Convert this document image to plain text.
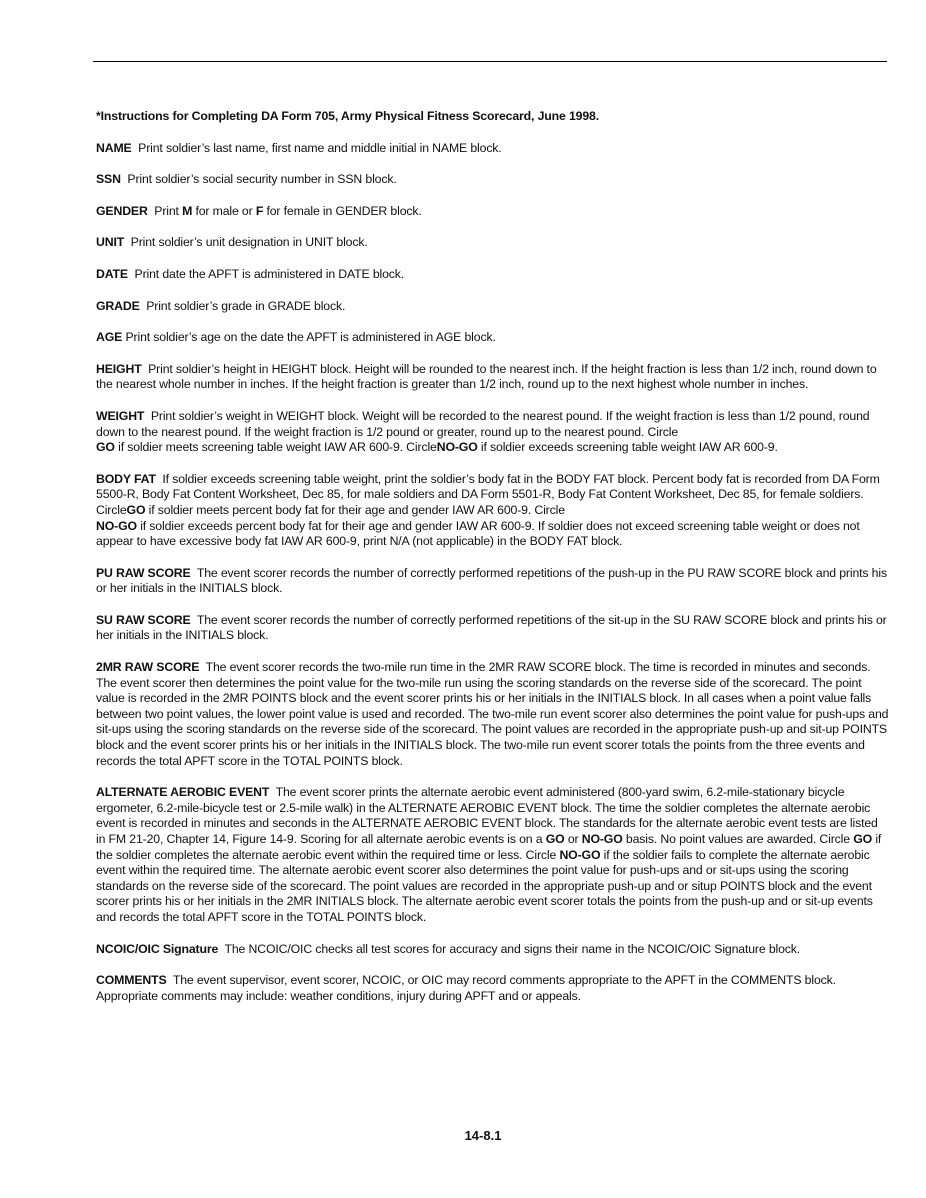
*Instructions for Completing DA Form 705, Army Physical Fitness Scorecard, June 1998.

NAME Print soldier’s last name, first name and middle initial in NAME block.

SSN Print soldier’s social security number in SSN block.

GENDER Print M for male or F for female in GENDER block.

UNIT Print soldier’s unit designation in UNIT block.

DATE Print date the APFT is administered in DATE block.

GRADE Print soldier’s grade in GRADE block.

AGE Print soldier’s age on the date the APFT is administered in AGE block.

HEIGHT Print soldier’s height in HEIGHT block. Height will be rounded to the nearest inch. If the height fraction is less than 1/2 inch, round down to the nearest whole number in inches. If the height fraction is greater than 1/2 inch, round up to the next highest whole number in inches.

WEIGHT Print soldier’s weight in WEIGHT block. Weight will be recorded to the nearest pound. If the weight fraction is less than 1/2 pound, round down to the nearest pound. If the weight fraction is 1/2 pound or greater, round up to the nearest pound. Circle
GO if soldier meets screening table weight IAW AR 600-9. CircleNO-GO if soldier exceeds screening table weight IAW AR 600-9.

BODY FAT If soldier exceeds screening table weight, print the soldier’s body fat in the BODY FAT block. Percent body fat is recorded from DA Form 5500-R, Body Fat Content Worksheet, Dec 85, for male soldiers and DA Form 5501-R, Body Fat Content Worksheet, Dec 85, for female soldiers. CircleGO if soldier meets percent body fat for their age and gender IAW AR 600-9. Circle
NO-GO if soldier exceeds percent body fat for their age and gender IAW AR 600-9. If soldier does not exceed screening table weight or does not appear to have excessive body fat IAW AR 600-9, print N/A (not applicable) in the BODY FAT block.

PU RAW SCORE The event scorer records the number of correctly performed repetitions of the push-up in the PU RAW SCORE block and prints his or her initials in the INITIALS block.

SU RAW SCORE The event scorer records the number of correctly performed repetitions of the sit-up in the SU RAW SCORE block and prints his or her initials in the INITIALS block.

2MR RAW SCORE The event scorer records the two-mile run time in the 2MR RAW SCORE block. The time is recorded in minutes and seconds. The event scorer then determines the point value for the two-mile run using the scoring standards on the reverse side of the scorecard. The point value is recorded in the 2MR POINTS block and the event scorer prints his or her initials in the INITIALS block. In all cases when a point value falls between two point values, the lower point value is used and recorded. The two-mile run event scorer also determines the point value for push-ups and sit-ups using the scoring standards on the reverse side of the scorecard. The point values are recorded in the appropriate push-up and sit-up POINTS block and the event scorer prints his or her initials in the INITIALS block. The two-mile run event scorer totals the points from the three events and records the total APFT score in the TOTAL POINTS block.

ALTERNATE AEROBIC EVENT The event scorer prints the alternate aerobic event administered (800-yard swim, 6.2-mile-stationary bicycle ergometer, 6.2-mile-bicycle test or 2.5-mile walk) in the ALTERNATE AEROBIC EVENT block. The time the soldier completes the alternate aerobic event is recorded in minutes and seconds in the ALTERNATE AEROBIC EVENT block. The standards for the alternate aerobic event tests are listed in FM 21-20, Chapter 14, Figure 14-9. Scoring for all alternate aerobic events is on a GO or NO-GO basis. No point values are awarded. Circle GO if the soldier completes the alternate aerobic event within the required time or less. Circle NO-GO if the soldier fails to complete the alternate aerobic event within the required time. The alternate aerobic event scorer also determines the point value for push-ups and or sit-ups using the scoring standards on the reverse side of the scorecard. The point values are recorded in the appropriate push-up and or situp POINTS block and the event scorer prints his or her initials in the 2MR INITIALS block. The alternate aerobic event scorer totals the points from the push-up and or sit-up events and records the total APFT score in the TOTAL POINTS block.

NCOIC/OIC Signature The NCOIC/OIC checks all test scores for accuracy and signs their name in the NCOIC/OIC Signature block.

COMMENTS The event supervisor, event scorer, NCOIC, or OIC may record comments appropriate to the APFT in the COMMENTS block. Appropriate comments may include: weather conditions, injury during APFT and or appeals.

14-8.1
